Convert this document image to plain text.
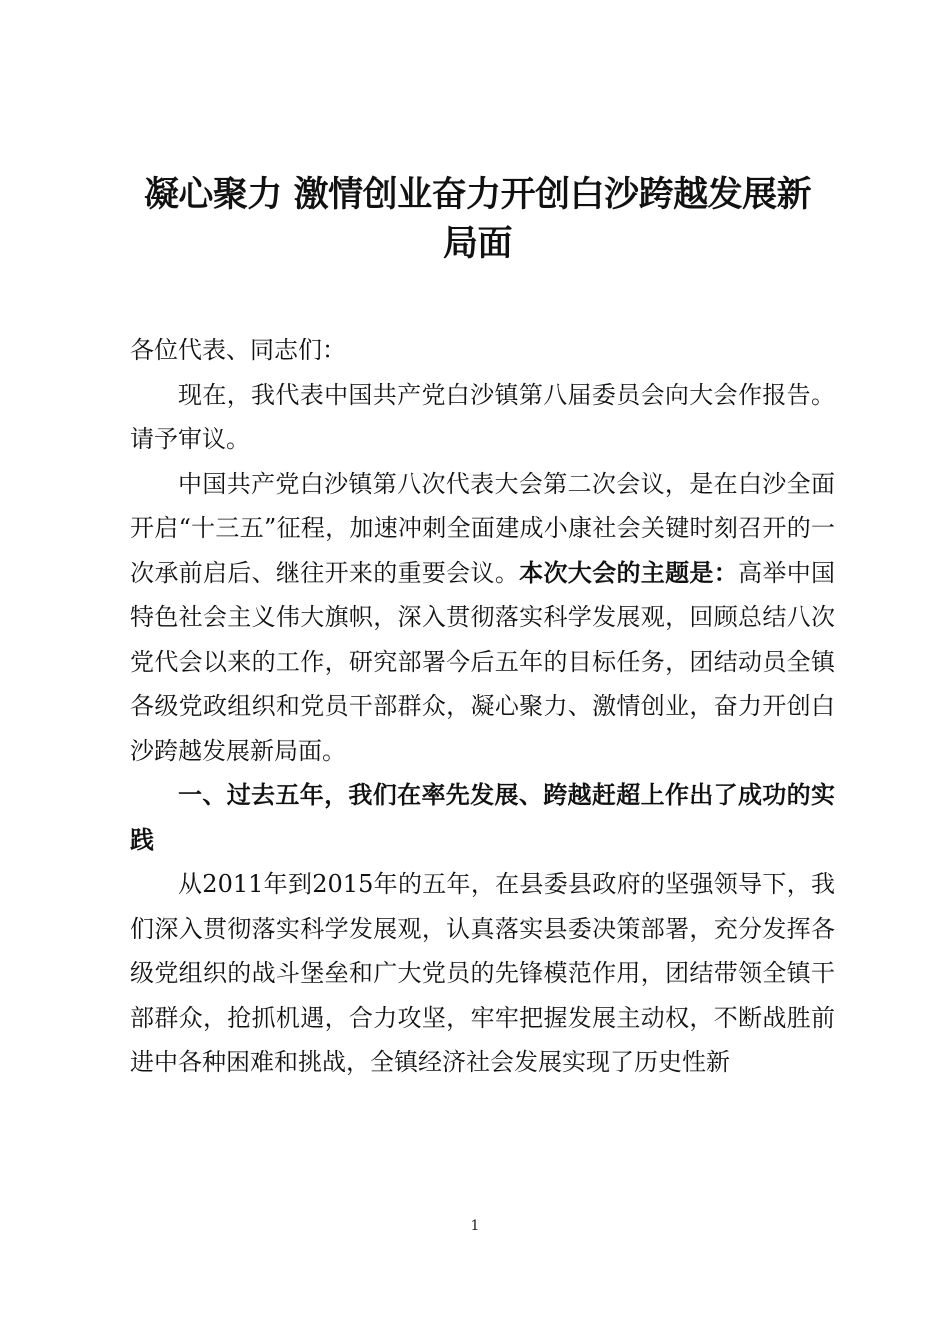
凝心聚力 激情创业奋力开创白沙跨越发展新
局面

各位代表、同志们：

现在，我代表中国共产党白沙镇第八届委员会向大会作报告。请予审议。

中国共产党白沙镇第八次代表大会第二次会议，是在白沙全面开启“十三五”征程，加速冲刺全面建成小康社会关键时刻召开的一次承前启后、继往开来的重要会议。本次大会的主题是：高举中国特色社会主义伟大旗帜，深入贯彻落实科学发展观，回顾总结八次党代会以来的工作，研究部署今后五年的目标任务，团结动员全镇各级党政组织和党员干部群众，凝心聚力、激情创业，奋力开创白沙跨越发展新局面。

一、过去五年，我们在率先发展、跨越赶超上作出了成功的实践

从2011年到2015年的五年，在县委县政府的坚强领导下，我们深入贯彻落实科学发展观，认真落实县委决策部署，充分发挥各级党组织的战斗堡垒和广大党员的先锋模范作用，团结带领全镇干部群众，抢抓机遇，合力攻坚，牢牢把握发展主动权，不断战胜前进中各种困难和挑战，全镇经济社会发展实现了历史性新

1
